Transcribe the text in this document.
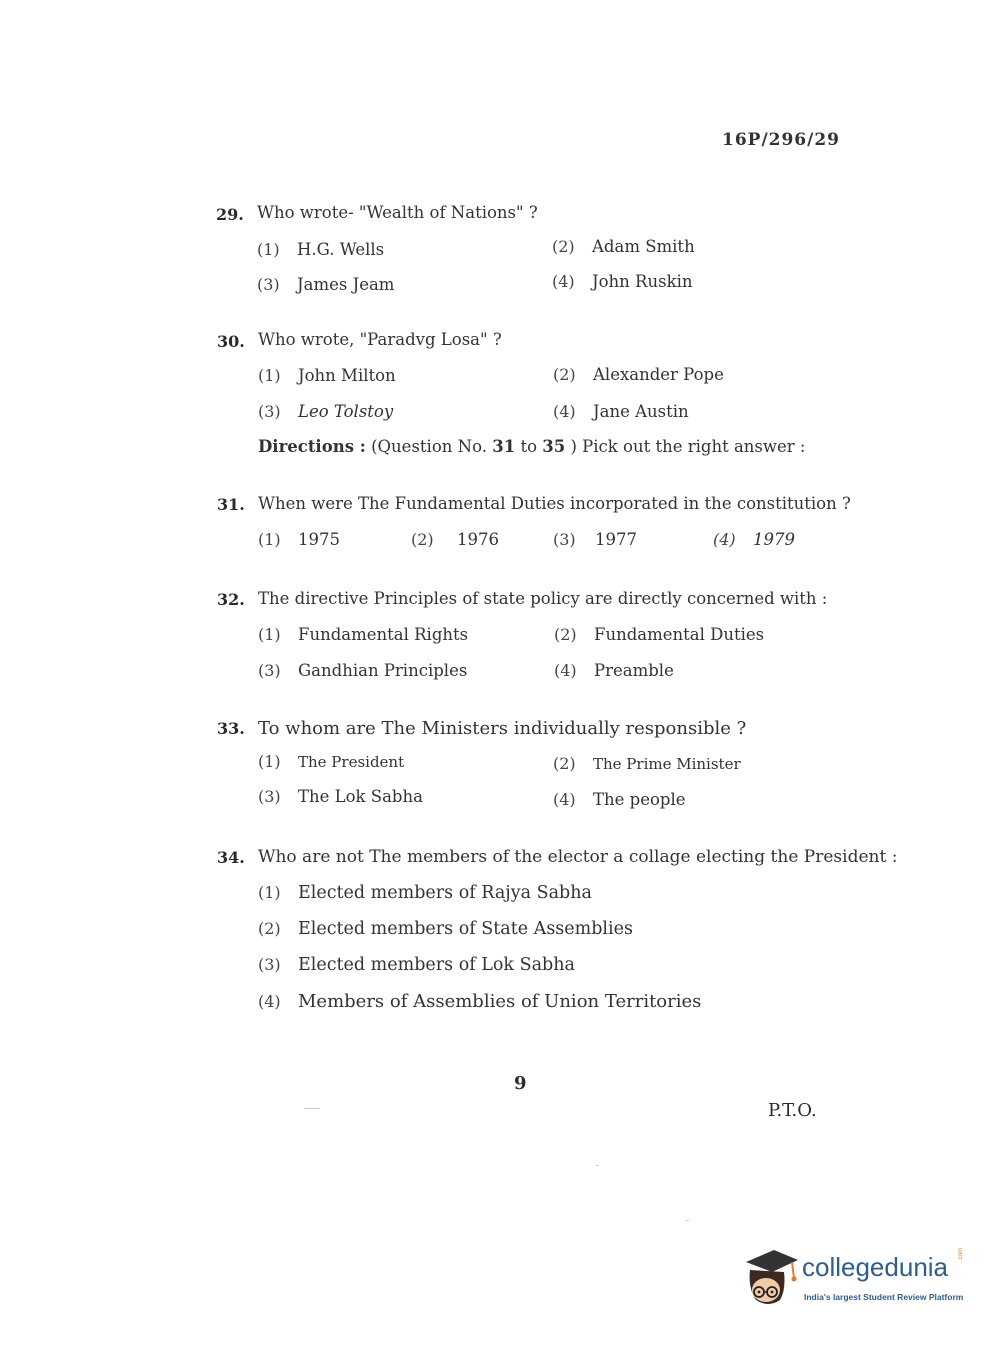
16P/296/29
29. Who wrote- "Wealth of Nations" ?
(1) H.G. Wells	(2) Adam Smith
(3) James Jeam	(4) John Ruskin
30. Who wrote, "Paradvg Losa" ?
(1) John Milton	(2) Alexander Pope
(3) Leo Tolstoy	(4) Jane Austin
Directions : (Question No. 31 to 35 ) Pick out the right answer :
31. When were The Fundamental Duties incorporated in the constitution ?
(1) 1975	(2) 1976	(3) 1977	(4) 1979
32. The directive Principles of state policy are directly concerned with :
(1) Fundamental Rights	(2) Fundamental Duties
(3) Gandhian Principles	(4) Preamble
33. To whom are The Ministers individually responsible ?
(1) The President	(2) The Prime Minister
(3) The Lok Sabha	(4) The people
34. Who are not The members of the elector a collage electing the President :
(1) Elected members of Rajya Sabha
(2) Elected members of State Assemblies
(3) Elected members of Lok Sabha
(4) Members of Assemblies of Union Territories
9
P.T.O.
collegedunia .com
India's largest Student Review Platform
